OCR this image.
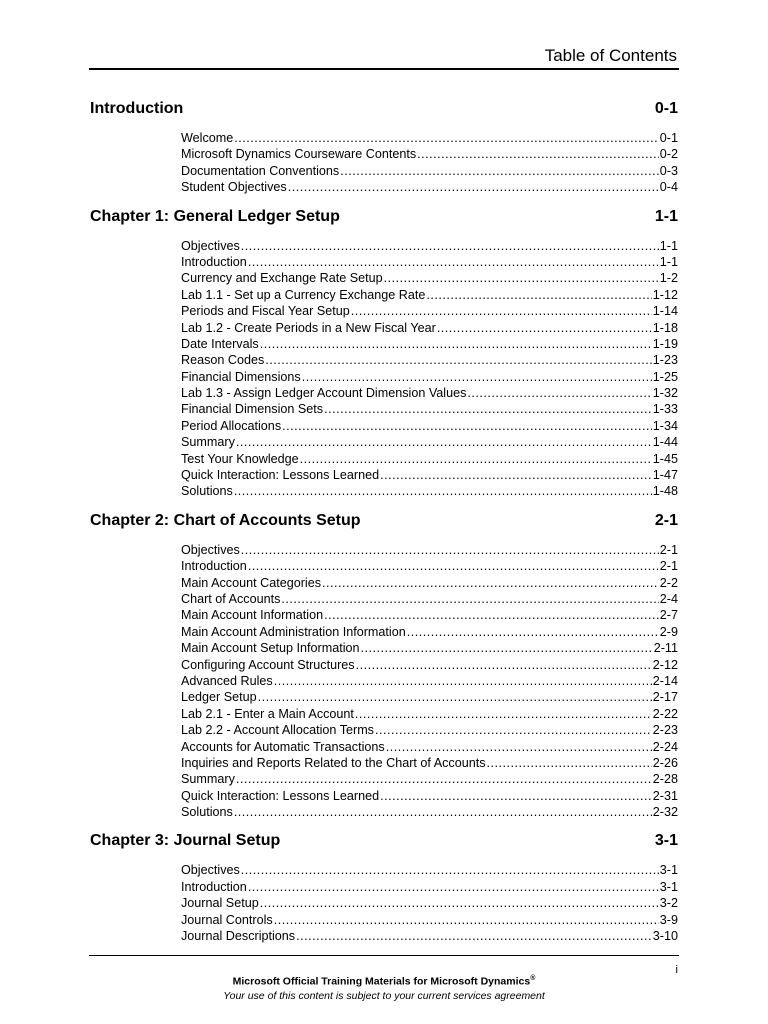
Table of Contents
Introduction	0-1
Welcome .....	0-1
Microsoft Dynamics Courseware Contents .....	0-2
Documentation Conventions .....	0-3
Student Objectives .....	0-4
Chapter 1: General Ledger Setup	1-1
Objectives .....	1-1
Introduction .....	1-1
Currency and Exchange Rate Setup .....	1-2
Lab 1.1 - Set up a Currency Exchange Rate .....	1-12
Periods and Fiscal Year Setup .....	1-14
Lab 1.2 - Create Periods in a New Fiscal Year .....	1-18
Date Intervals .....	1-19
Reason Codes .....	1-23
Financial Dimensions .....	1-25
Lab 1.3 - Assign Ledger Account Dimension Values .....	1-32
Financial Dimension Sets .....	1-33
Period Allocations .....	1-34
Summary .....	1-44
Test Your Knowledge .....	1-45
Quick Interaction: Lessons Learned .....	1-47
Solutions .....	1-48
Chapter 2: Chart of Accounts Setup	2-1
Objectives .....	2-1
Introduction .....	2-1
Main Account Categories .....	2-2
Chart of Accounts .....	2-4
Main Account Information .....	2-7
Main Account Administration Information .....	2-9
Main Account Setup Information .....	2-11
Configuring Account Structures .....	2-12
Advanced Rules .....	2-14
Ledger Setup .....	2-17
Lab 2.1 - Enter a Main Account .....	2-22
Lab 2.2 - Account Allocation Terms .....	2-23
Accounts for Automatic Transactions .....	2-24
Inquiries and Reports Related to the Chart of Accounts .....	2-26
Summary .....	2-28
Quick Interaction: Lessons Learned .....	2-31
Solutions .....	2-32
Chapter 3: Journal Setup	3-1
Objectives .....	3-1
Introduction .....	3-1
Journal Setup .....	3-2
Journal Controls .....	3-9
Journal Descriptions .....	3-10
i
Microsoft Official Training Materials for Microsoft Dynamics®
Your use of this content is subject to your current services agreement
